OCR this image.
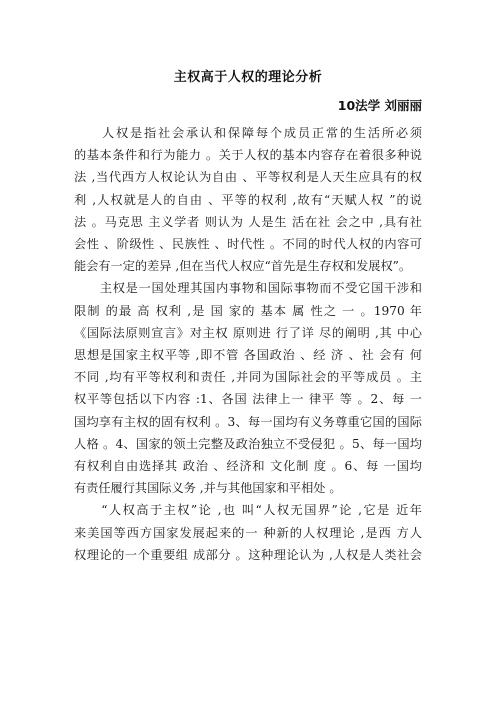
主权高于人权的理论分析
10法学 刘丽丽
　　人权是指社会承认和保障每个成员正常的生活所必须
的基本条件和行为能力 。关于人权的基本内容存在着很多种说
法 ,当代西方人权论认为自由 、平等权利是人天生应具有的权
利 ,人权就是人的自由 、平等的权利 ,故有“天赋人权 ”的说
法 。马克思 主义学者 则认为 人是生 活在社 会之中 ,具有社
会性 、阶级性 、民族性 、时代性 。不同的时代人权的内容可
能会有一定的差异 ,但在当代人权应“首先是生存权和发展权”。
　　主权是一国处理其国内事物和国际事物而不受它国干涉和
限制 的最 高 权利 ,是 国 家的 基本 属 性之 一 。1970 年
《国际法原则宣言》对主权 原则进 行了详 尽的阐明 ,其 中心
思想是国家主权平等 ,即不管 各国政治 、经 济 、社 会有 何
不同 ,均有平等权利和责任 ,并同为国际社会的平等成员 。主
权平等包括以下内容 :1、各国 法律上一 律平 等 。2、每 一
国均享有主权的固有权利 。3、每一国均有义务尊重它国的国际
人格 。4、国家的领土完整及政治独立不受侵犯 。5、每一国均
有权利自由选择其 政治 、经济和 文化制 度 。6、每 一国均
有责任履行其国际义务 ,并与其他国家和平相处 。
　　“人权高于主权”论 ,也 叫“人权无国界”论 ,它是 近年
来美国等西方国家发展起来的一 种新的人权理论 ,是西 方人
权理论的一个重要组 成部分 。这种理论认为 ,人权是人类社会
